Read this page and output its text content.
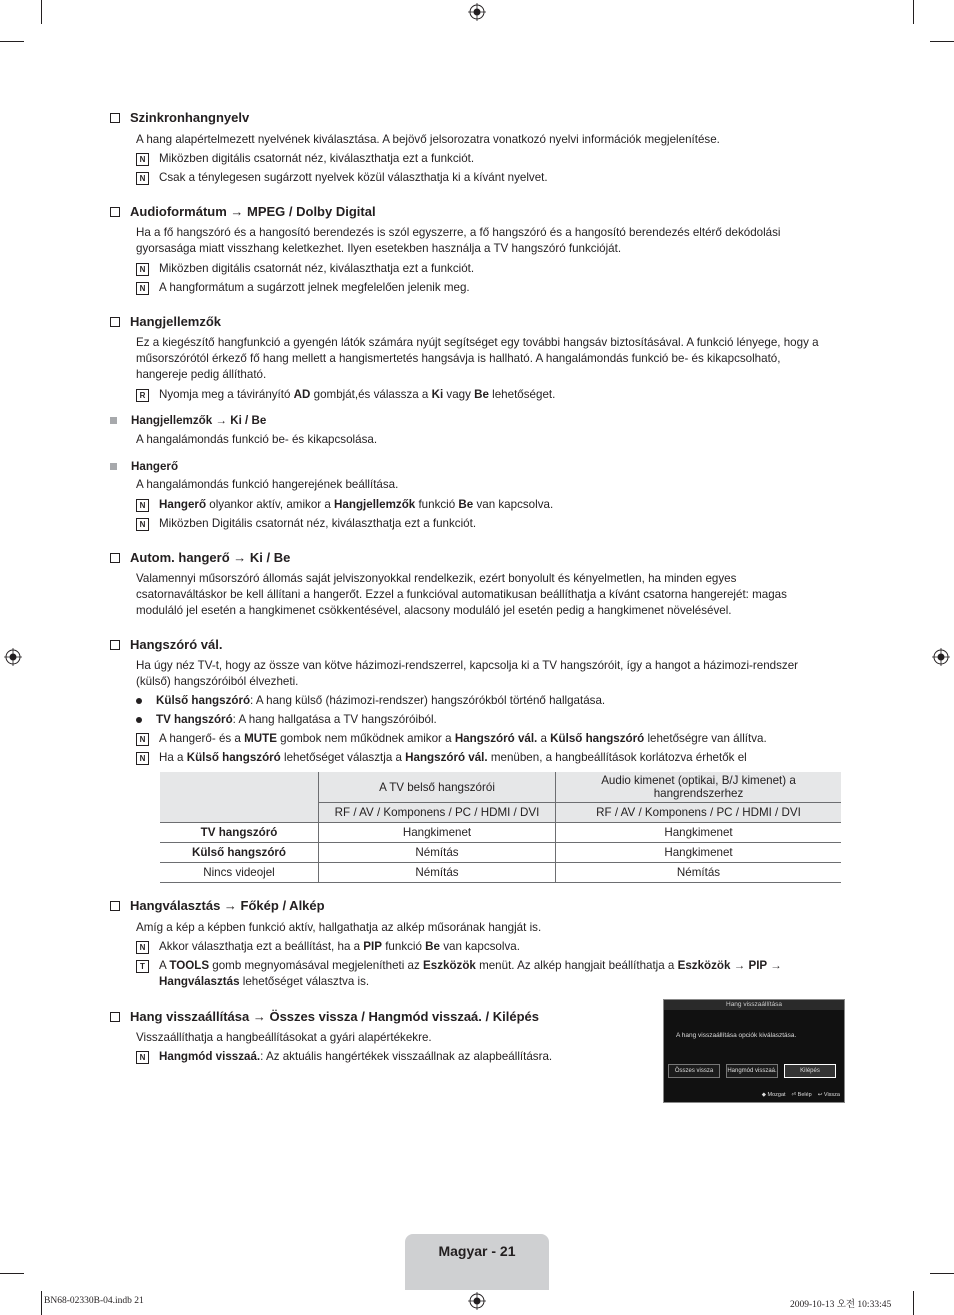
Szinkronhangnyelv

A hang alapértelmezett nyelvének kiválasztása. A bejövő jelsorozatra vonatkozó nyelvi információk megjelenítése.

N	Miközben digitális csatornát néz, kiválaszthatja ezt a funkciót.
N	Csak a ténylegesen sugárzott nyelvek közül választhatja ki a kívánt nyelvet.
Audioformátum → MPEG / Dolby Digital

Ha a fő hangszóró és a hangosító berendezés is szól egyszerre, a fő hangszóró és a hangosító berendezés eltérő dekódolási gyorsasága miatt visszhang keletkezhet. Ilyen esetekben használja a TV hangszóró funkcióját.

N	Miközben digitális csatornát néz, kiválaszthatja ezt a funkciót.
N	A hangformátum a sugárzott jelnek megfelelően jelenik meg.
Hangjellemzők

Ez a kiegészítő hangfunkció a gyengén látók számára nyújt segítséget egy további hangsáv biztosításával. A funkció lényege, hogy a műsorszórótól érkező fő hang mellett a hangismertetés hangsávja is hallható. A hangalámondás funkció be- és kikapcsolható, hangereje pedig állítható.

R	Nyomja meg a távirányító AD gombját,és válassza a Ki vagy Be lehetőséget.
Hangjellemzők → Ki / Be

A hangalámondás funkció be- és kikapcsolása.

Hangerő

A hangalámondás funkció hangerejének beállítása.

N	Hangerő olyankor aktív, amikor a Hangjellemzők funkció Be van kapcsolva.
N	Miközben Digitális csatornát néz, kiválaszthatja ezt a funkciót.
Autom. hangerő → Ki / Be

Valamennyi műsorszóró állomás saját jelviszonyokkal rendelkezik, ezért bonyolult és kényelmetlen, ha minden egyes csatornaváltáskor be kell állítani a hangerőt. Ezzel a funkcióval automatikusan beállíthatja a kívánt csatorna hangerejét: magas moduláló jel esetén a hangkimenet csökkentésével, alacsony moduláló jel esetén pedig a hangkimenet növelésével.

Hangszóró vál.

Ha úgy néz TV-t, hogy az össze van kötve házimozi-rendszerrel, kapcsolja ki a TV hangszóróit, így a hangot a házimozi-rendszer (külső) hangszóróiból élvezheti.

Külső hangszóró: A hang külső (házimozi-rendszer) hangszórókból történő hallgatása.
TV hangszóró: A hang hallgatása a TV hangszóróiból.
N	A hangerő- és a MUTE gombok nem működnek amikor a Hangszóró vál. a Külső hangszóró lehetőségre van állítva.
N	Ha a Külső hangszóró lehetőséget választja a Hangszóró vál. menüben, a hangbeállítások korlátozva érhetők el
	A TV belső hangszórói	Audio kimenet (optikai, B/J kimenet) a hangrendszerhez
	RF / AV / Komponens / PC / HDMI / DVI	RF / AV / Komponens / PC / HDMI / DVI
TV hangszóró	Hangkimenet	Hangkimenet
Külső hangszóró	Némítás	Hangkimenet
Nincs videojel	Némítás	Némítás
Hangválasztás → Főkép / Alkép

Amíg a kép a képben funkció aktív, hallgathatja az alkép műsorának hangját is.

N	Akkor választhatja ezt a beállítást, ha a PIP funkció Be van kapcsolva.
T	A TOOLS gomb megnyomásával megjelenítheti az Eszközök menüt. Az alkép hangjait beállíthatja a Eszközök → PIP →
Hangválasztás lehetőséget választva is.
Hang visszaállítása → Összes vissza / Hangmód visszaá. / Kilépés

Visszaállíthatja a hangbeállításokat a gyári alapértékekre.

N	Hangmód visszaá.: Az aktuális hangértékek visszaállnak az alapbeállításra.
Hang visszaállítása
A hang visszaállítása opciók kiválasztása.
Összes vissza	Hangmód visszaá.	Kilépés
◆ Mozgat ⏎ Belép ↩ Vissza
Magyar - 21
BN68-02330B-04.indb 21	2009-10-13 오전 10:33:45
